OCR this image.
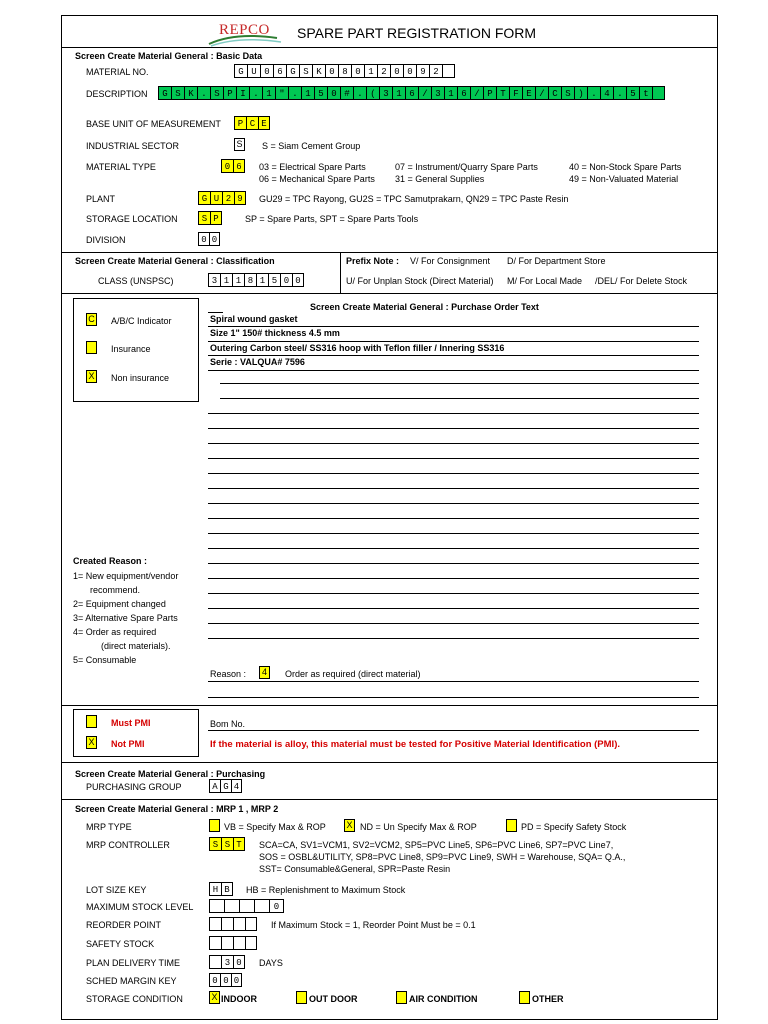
REPCO SPARE PART REGISTRATION FORM
Screen Create Material General : Basic Data
MATERIAL NO.	G U 0 6 G S K 0 8 0 1 2 0 0 9 2
DESCRIPTION	G S K . S P I . 1 " . 1 5 0 # . ( 3 1 6 / 3 1 6 / P T F E / C S ) . 4 . 5 t
BASE UNIT OF MEASUREMENT	P C E
INDUSTRIAL SECTOR	S S = Siam Cement Group
MATERIAL TYPE	0 6	03 = Electrical Spare Parts	07 = Instrument/Quarry Spare Parts	40 = Non-Stock Spare Parts
06 = Mechanical Spare Parts 31 = General Supplies	49 = Non-Valuated Material
PLANT	G U 2 9	GU29 = TPC Rayong, GU2S = TPC Samutprakarn, QN29 = TPC Paste Resin
STORAGE LOCATION	S P	SP = Spare Parts, SPT = Spare Parts Tools
DIVISION	0 0
Screen Create Material General : Classification
CLASS (UNSPSC)	3 1 1 8 1 5 0 0
Prefix Note : V/ For Consignment D/ For Department Store
U/ For Unplan Stock (Direct Material) M/ For Local Made /DEL/ For Delete Stock
C A/B/C Indicator
Insurance
X Non insurance
Screen Create Material General : Purchase Order Text
Spiral wound gasket
Size 1" 150# thickness 4.5 mm
Outering Carbon steel/ SS316 hoop with Teflon filler / Innering SS316
Serie : VALQUA# 7596
Created Reason :
1= New equipment/vendor
recommend.
2= Equipment changed
3= Alternative Spare Parts
4= Order as required
(direct materials).
5= Consumable
Reason :	4	Order as required (direct material)
Must PMI
X Not PMI
Bom No.
If the material is alloy, this material must be tested for Positive Material Identification (PMI).
Screen Create Material General : Purchasing
PURCHASING GROUP	A G 4
Screen Create Material General : MRP 1 , MRP 2
MRP TYPE	VB = Specify Max & ROP X ND = Un Specify Max & ROP	PD = Specify Safety Stock
MRP CONTROLLER	S S T	SCA=CA, SV1=VCM1, SV2=VCM2, SP5=PVC Line5, SP6=PVC Line6, SP7=PVC Line7,
SOS = OSBL&UTILITY, SP8=PVC Line8, SP9=PVC Line9, SWH = Warehouse, SQA= Q.A.,
SST= Consumable&General, SPR=Paste Resin
LOT SIZE KEY	H B	HB = Replenishment to Maximum Stock
MAXIMUM STOCK LEVEL	0
REORDER POINT	If Maximum Stock = 1, Reorder Point Must be = 0.1
SAFETY STOCK
PLAN DELIVERY TIME	3 0	DAYS
SCHED MARGIN KEY	0 0 0
STORAGE CONDITION	X INDOOR	OUT DOOR	AIR CONDITION	OTHER
